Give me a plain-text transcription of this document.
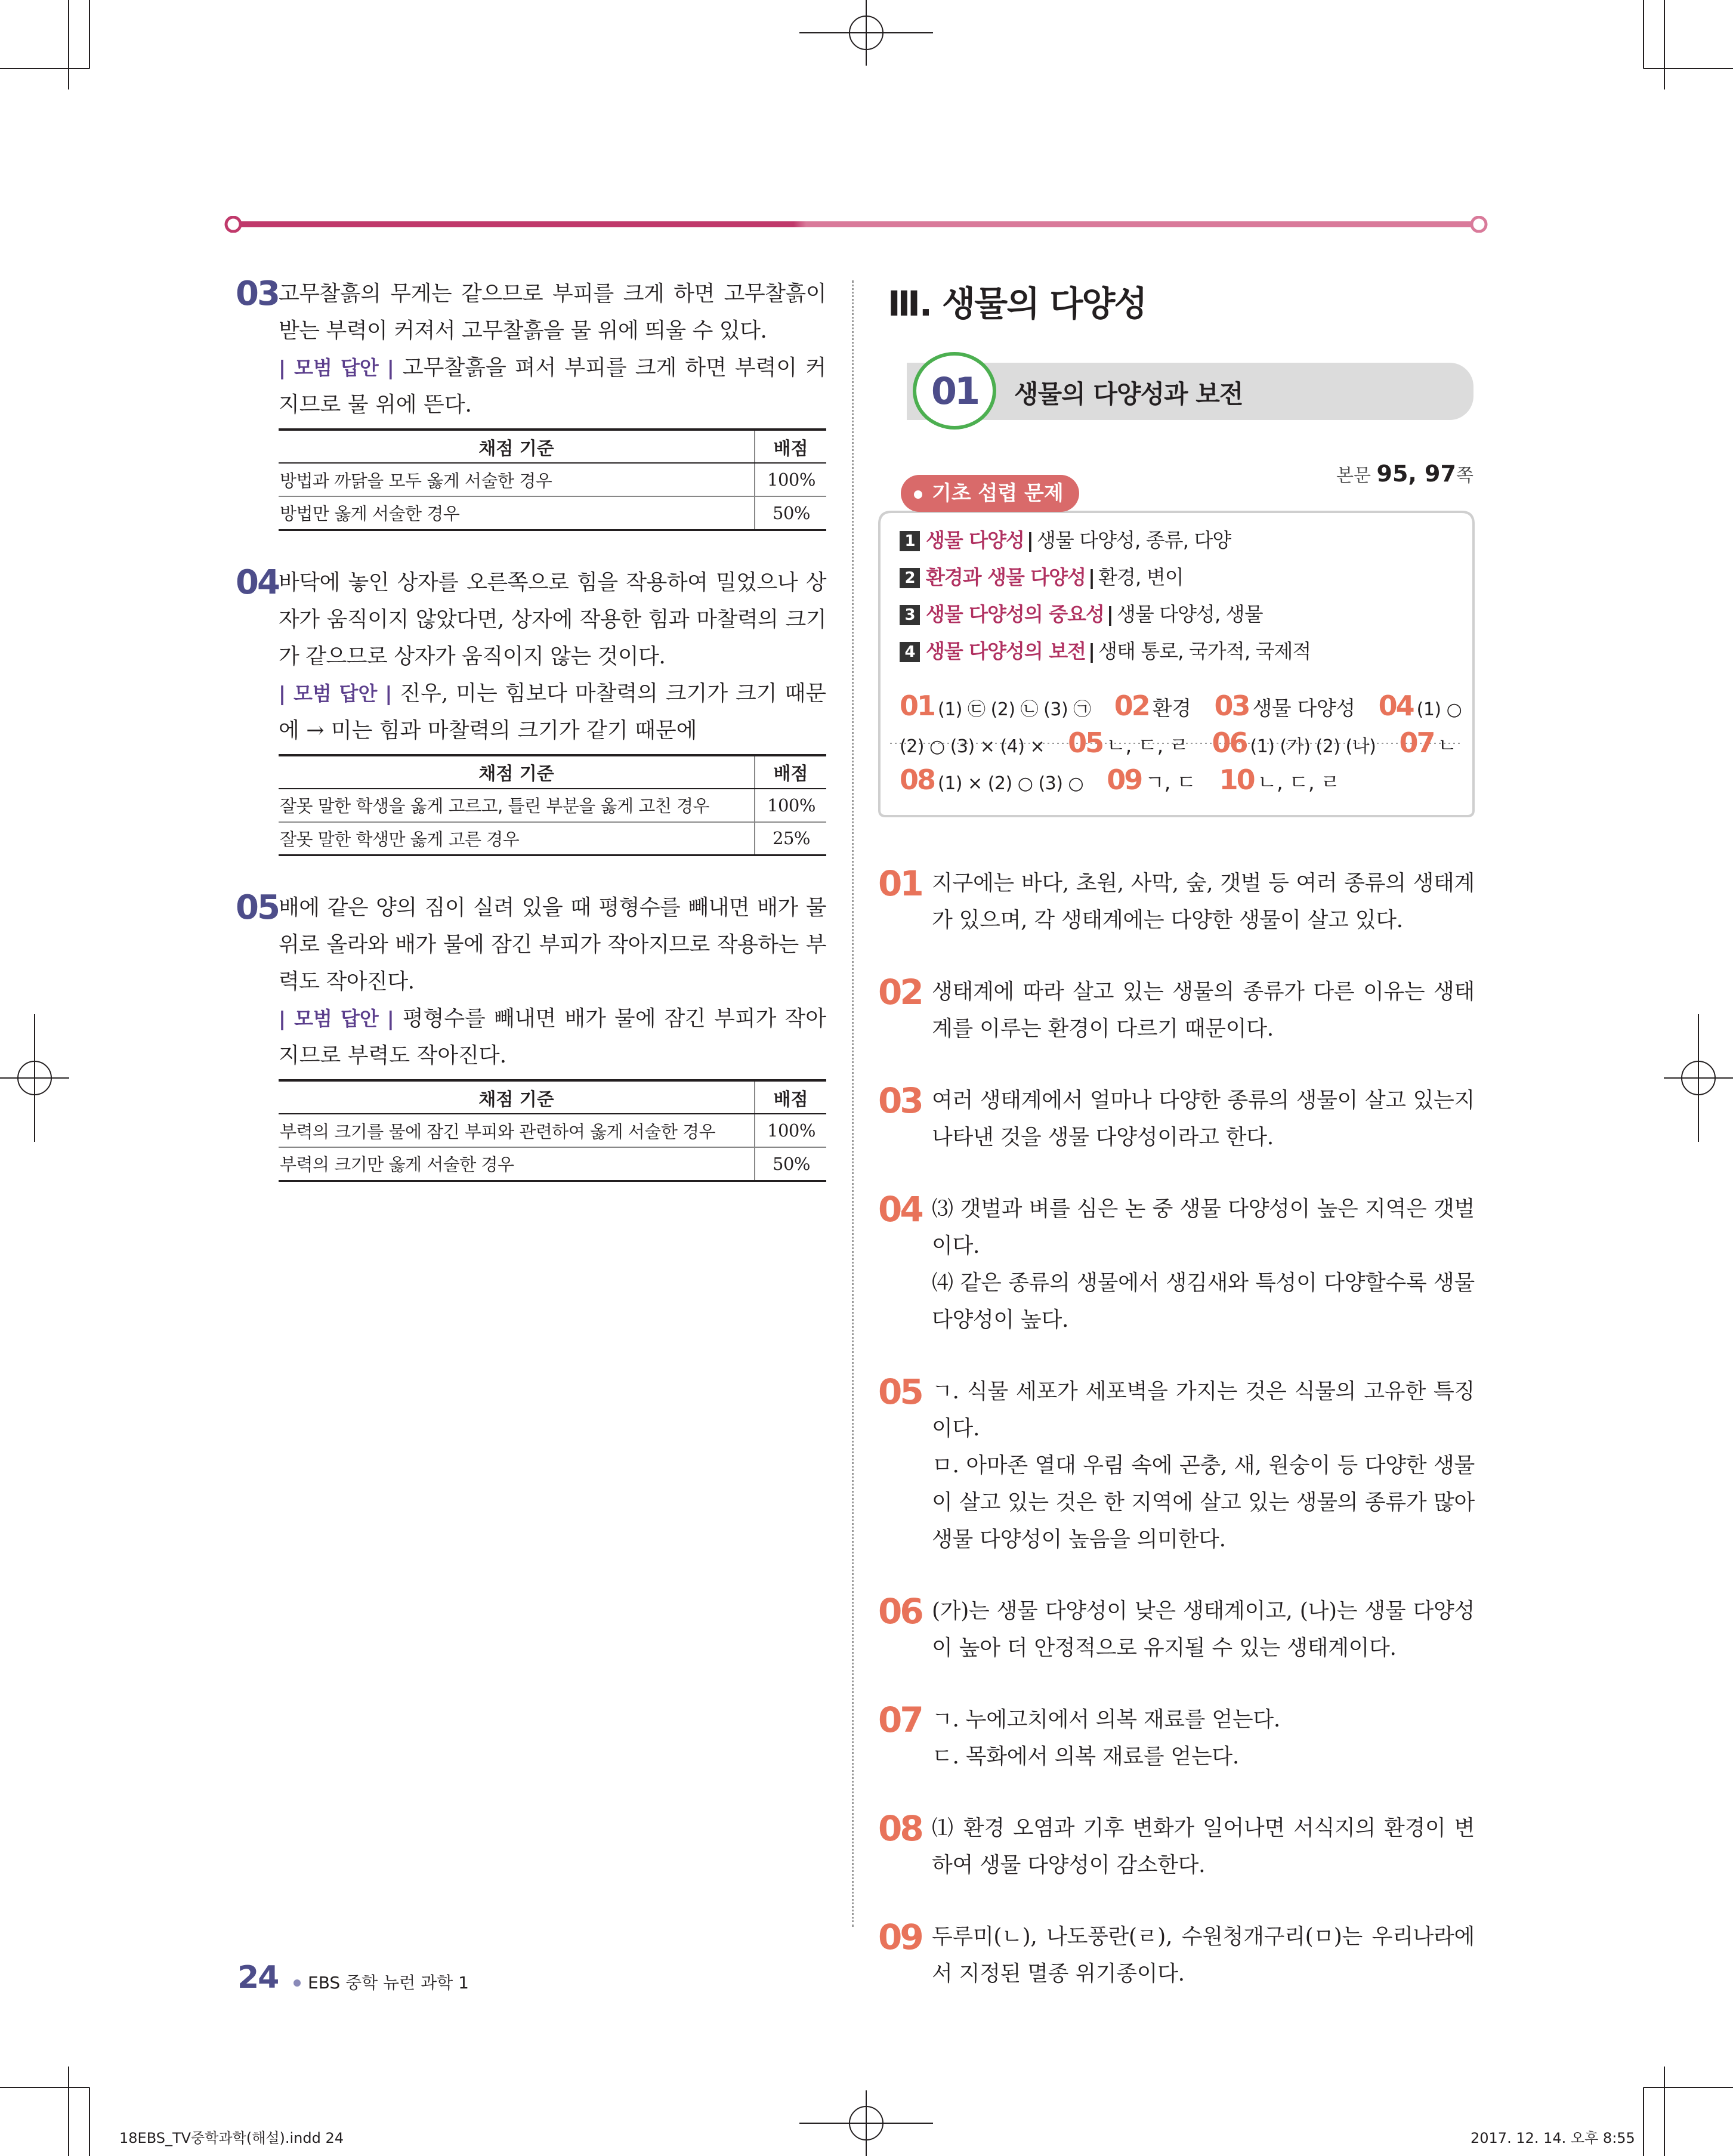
03 고무찰흙의 무게는 같으므로 부피를 크게 하면 고무찰흙이 받는 부력이 커져서 고무찰흙을 물 위에 띄울 수 있다.
| 모범 답안 | 고무찰흙을 펴서 부피를 크게 하면 부력이 커지므로 물 위에 뜬다.
채점 기준	배점
방법과 까닭을 모두 옳게 서술한 경우	100%
방법만 옳게 서술한 경우	50%
04 바닥에 놓인 상자를 오른쪽으로 힘을 작용하여 밀었으나 상자가 움직이지 않았다면, 상자에 작용한 힘과 마찰력의 크기가 같으므로 상자가 움직이지 않는 것이다.
| 모범 답안 | 진우, 미는 힘보다 마찰력의 크기가 크기 때문에 → 미는 힘과 마찰력의 크기가 같기 때문에
채점 기준	배점
잘못 말한 학생을 옳게 고르고, 틀린 부분을 옳게 고친 경우	100%
잘못 말한 학생만 옳게 고른 경우	25%
05 배에 같은 양의 짐이 실려 있을 때 평형수를 빼내면 배가 물 위로 올라와 배가 물에 잠긴 부피가 작아지므로 작용하는 부력도 작아진다.
| 모범 답안 | 평형수를 빼내면 배가 물에 잠긴 부피가 작아지므로 부력도 작아진다.
채점 기준	배점
부력의 크기를 물에 잠긴 부피와 관련하여 옳게 서술한 경우	100%
부력의 크기만 옳게 서술한 경우	50%
Ⅲ. 생물의 다양성
01	생물의 다양성과 보전
본문 95, 97쪽
기초 섭렵 문제
1 생물 다양성 | 생물 다양성, 종류, 다양
2 환경과 생물 다양성 | 환경, 변이
3 생물 다양성의 중요성 | 생물 다양성, 생물
4 생물 다양성의 보전 | 생태 통로, 국가적, 국제적
01 (1) ㉢ (2) ㉡ (3) ㉠ 02 환경 03 생물 다양성 04 (1) ○
(2) ○ (3) × (4) × 05 ㄴ, ㄷ, ㄹ 06 (1) (가) (2) (나) 07 ㄴ
08 (1) × (2) ○ (3) ○ 09 ㄱ, ㄷ 10 ㄴ, ㄷ, ㄹ
01 지구에는 바다, 초원, 사막, 숲, 갯벌 등 여러 종류의 생태계가 있으며, 각 생태계에는 다양한 생물이 살고 있다.

02 생태계에 따라 살고 있는 생물의 종류가 다른 이유는 생태계를 이루는 환경이 다르기 때문이다.

03 여러 생태계에서 얼마나 다양한 종류의 생물이 살고 있는지 나타낸 것을 생물 다양성이라고 한다.

04 ⑶ 갯벌과 벼를 심은 논 중 생물 다양성이 높은 지역은 갯벌이다.

⑷ 같은 종류의 생물에서 생김새와 특성이 다양할수록 생물 다양성이 높다.

05 ㄱ. 식물 세포가 세포벽을 가지는 것은 식물의 고유한 특징이다.

ㅁ. 아마존 열대 우림 속에 곤충, 새, 원숭이 등 다양한 생물이 살고 있는 것은 한 지역에 살고 있는 생물의 종류가 많아 생물 다양성이 높음을 의미한다.

06 (가)는 생물 다양성이 낮은 생태계이고, (나)는 생물 다양성이 높아 더 안정적으로 유지될 수 있는 생태계이다.

07 ㄱ. 누에고치에서 의복 재료를 얻는다.

ㄷ. 목화에서 의복 재료를 얻는다.

08 ⑴ 환경 오염과 기후 변화가 일어나면 서식지의 환경이 변하여 생물 다양성이 감소한다.

09 두루미(ㄴ), 나도풍란(ㄹ), 수원청개구리(ㅁ)는 우리나라에서 지정된 멸종 위기종이다.

24	EBS 중학 뉴런 과학 1
18EBS_TV중학과학(해설).indd 24	2017. 12. 14. 오후 8:55
